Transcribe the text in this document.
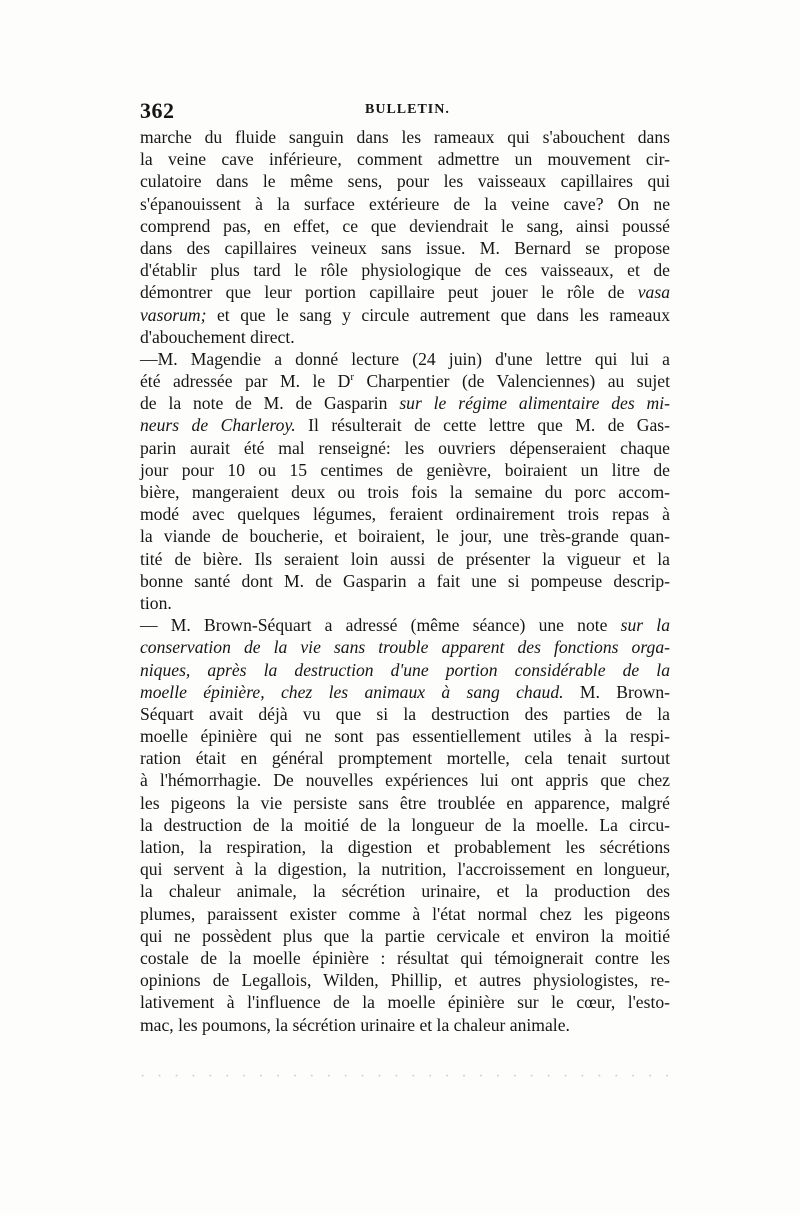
362	BULLETIN.
marche du fluide sanguin dans les rameaux qui s'abouchent dans
la veine cave inférieure, comment admettre un mouvement cir-
culatoire dans le même sens, pour les vaisseaux capillaires qui
s'épanouissent à la surface extérieure de la veine cave? On ne
comprend pas, en effet, ce que deviendrait le sang, ainsi poussé
dans des capillaires veineux sans issue. M. Bernard se propose
d'établir plus tard le rôle physiologique de ces vaisseaux, et de
démontrer que leur portion capillaire peut jouer le rôle de vasa
vasorum; et que le sang y circule autrement que dans les rameaux
d'abouchement direct.
—M. Magendie a donné lecture (24 juin) d'une lettre qui lui a
été adressée par M. le $D^r$ Charpentier (de Valenciennes) au sujet
de la note de M. de Gasparin sur le régime alimentaire des mi-
neurs de Charleroy. Il résulterait de cette lettre que M. de Gas-
parin aurait été mal renseigné: les ouvriers dépenseraient chaque
jour pour 10 ou 15 centimes de genièvre, boiraient un litre de
bière, mangeraient deux ou trois fois la semaine du porc accom-
modé avec quelques légumes, feraient ordinairement trois repas à
la viande de boucherie, et boiraient, le jour, une très-grande quan-
tité de bière. Ils seraient loin aussi de présenter la vigueur et la
bonne santé dont M. de Gasparin a fait une si pompeuse descrip-
tion.
— M. Brown-Séquart a adressé (même séance) une note sur la
conservation de la vie sans trouble apparent des fonctions orga-
niques, après la destruction d'une portion considérable de la
moelle épinière, chez les animaux à sang chaud. M. Brown-
Séquart avait déjà vu que si la destruction des parties de la
moelle épinière qui ne sont pas essentiellement utiles à la respi-
ration était en général promptement mortelle, cela tenait surtout
à l'hémorrhagie. De nouvelles expériences lui ont appris que chez
les pigeons la vie persiste sans être troublée en apparence, malgré
la destruction de la moitié de la longueur de la moelle. La circu-
lation, la respiration, la digestion et probablement les sécrétions
qui servent à la digestion, la nutrition, l'accroissement en longueur,
la chaleur animale, la sécrétion urinaire, et la production des
plumes, paraissent exister comme à l'état normal chez les pigeons
qui ne possèdent plus que la partie cervicale et environ la moitié
costale de la moelle épinière : résultat qui témoignerait contre les
opinions de Legallois, Wilden, Phillip, et autres physiologistes, re-
lativement à l'influence de la moelle épinière sur le cœur, l'esto-
mac, les poumons, la sécrétion urinaire et la chaleur animale.
· · · · · · · · · · · · · · · · · · · · · · · · · · · · · · · ·
